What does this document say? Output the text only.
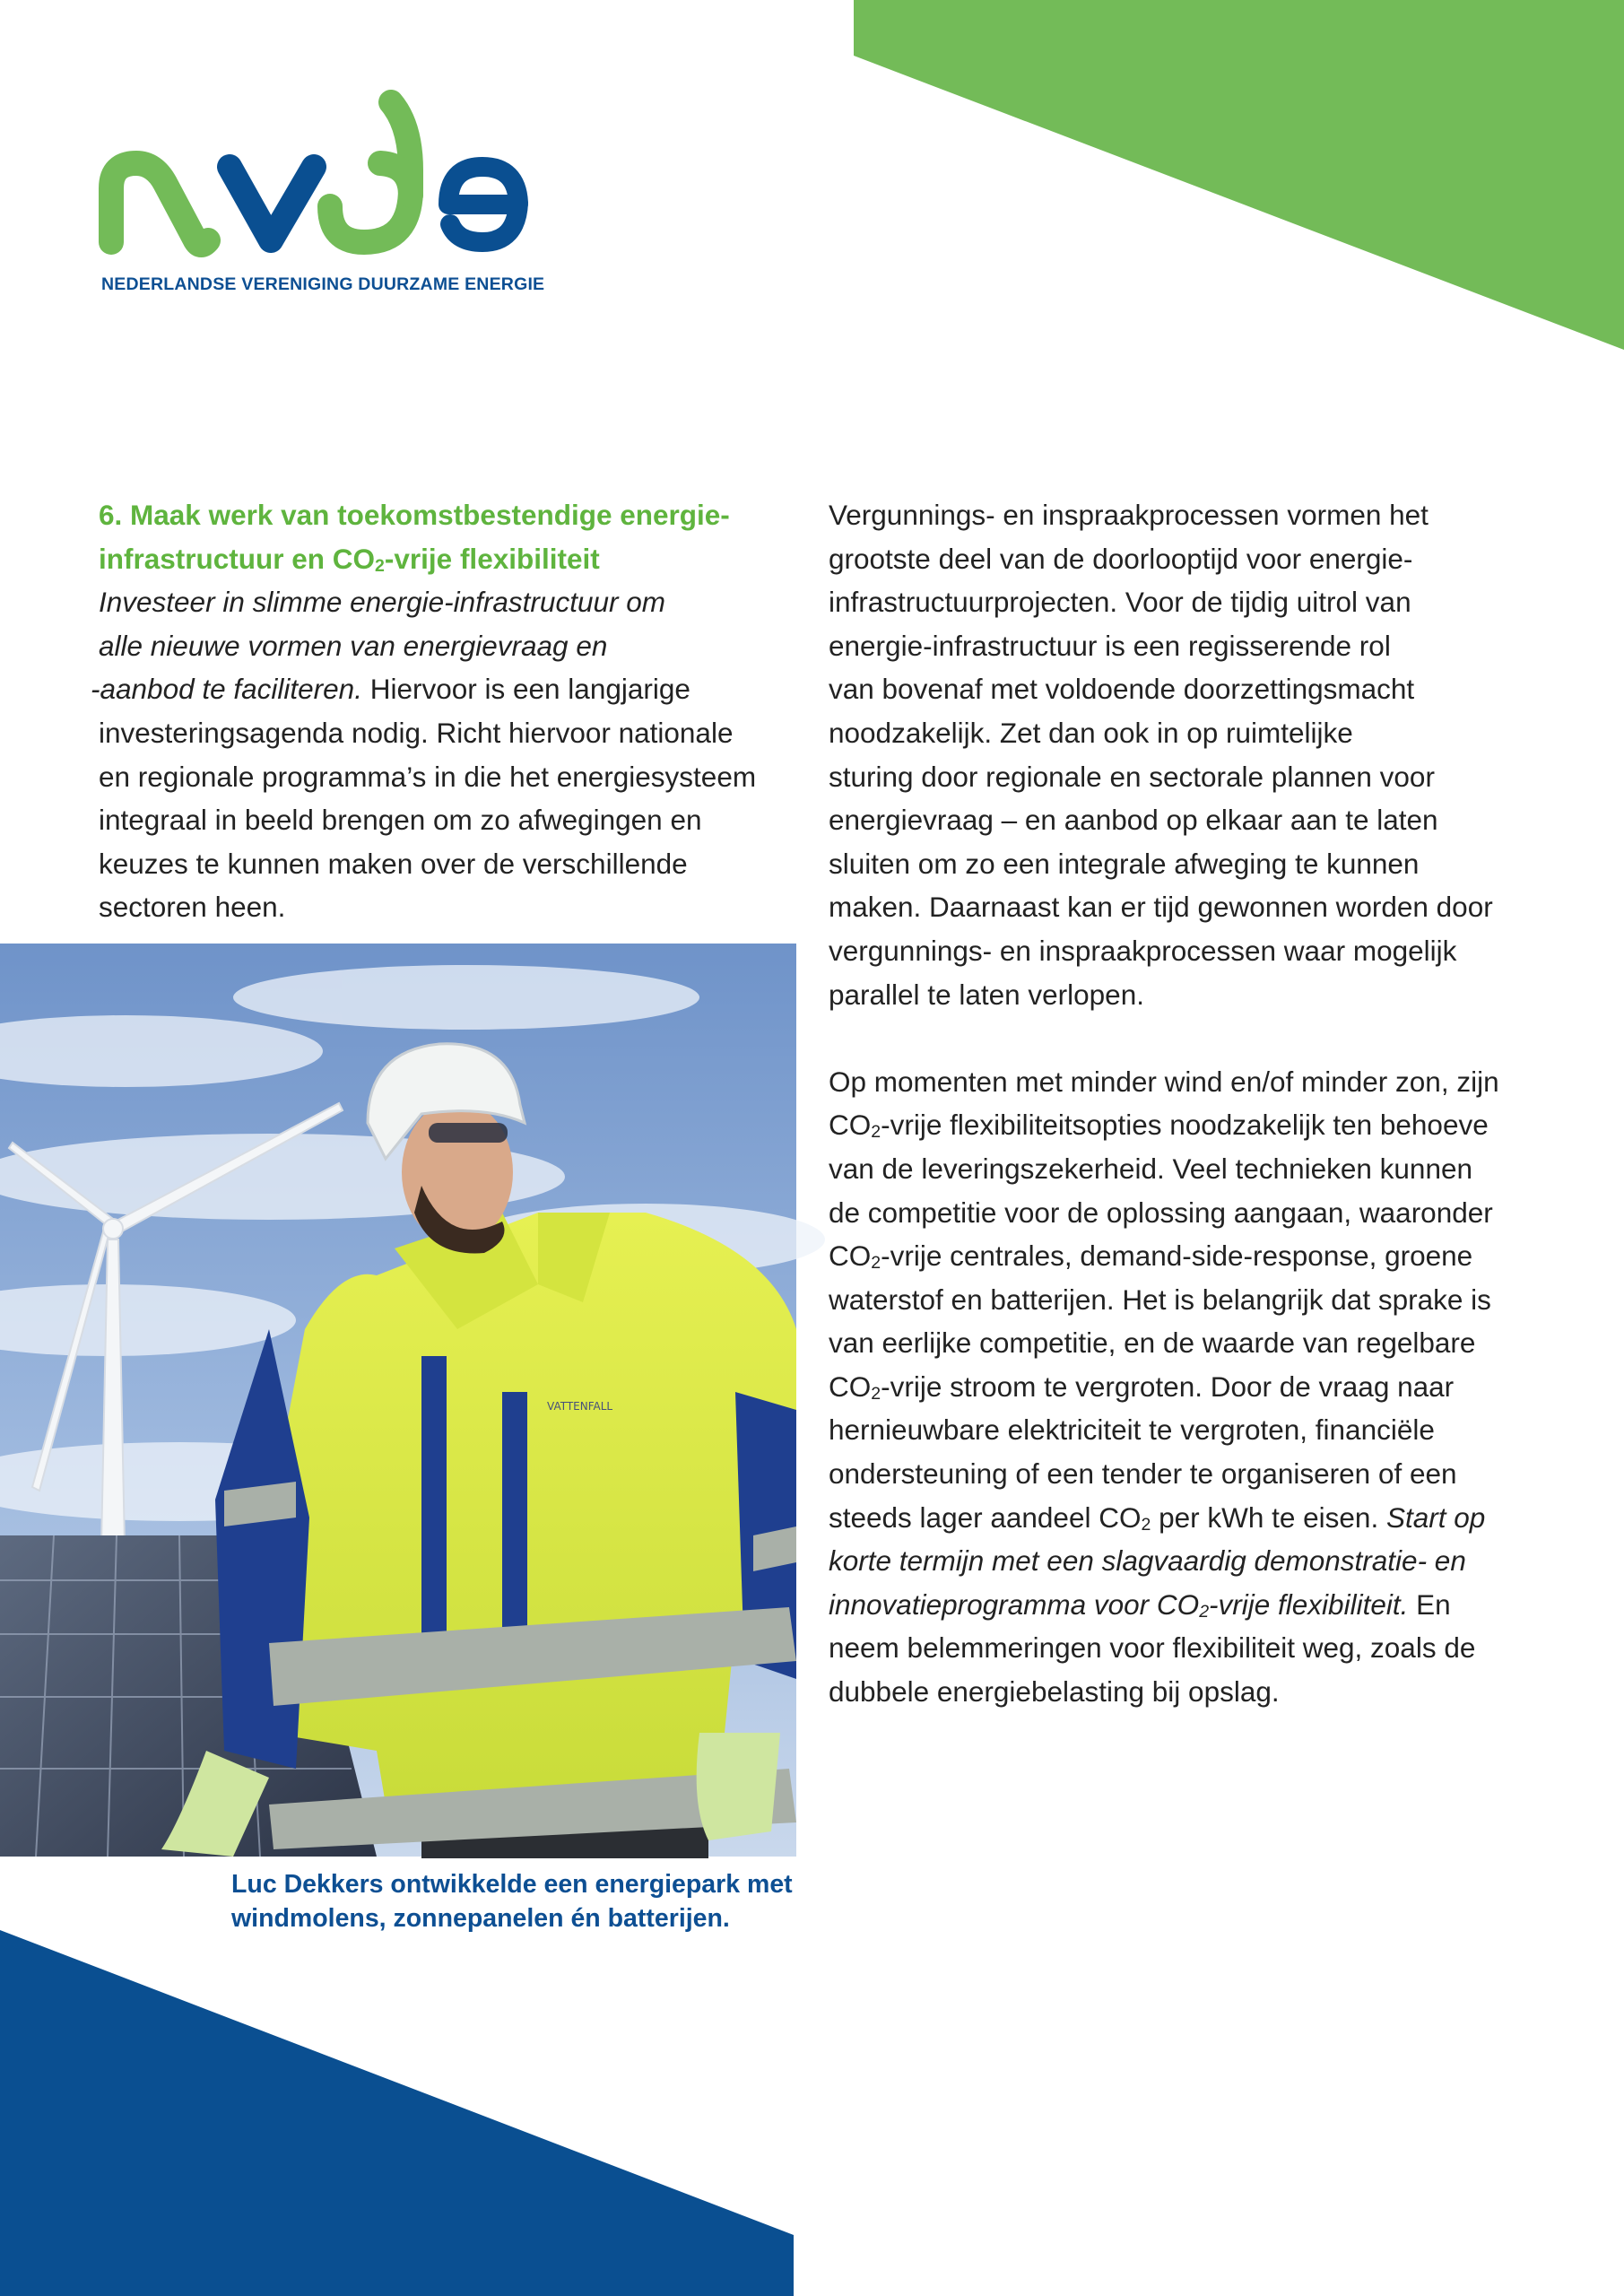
nvde
NEDERLANDSE VERENIGING DUURZAME ENERGIE
6. Maak werk van toekomstbestendige energie-
infrastructuur en $CO_2$-vrije flexibiliteit
Investeer in slimme energie-infrastructuur om
alle nieuwe vormen van energievraag en
-aanbod te faciliteren. Hiervoor is een langjarige
investeringsagenda nodig. Richt hiervoor nationale
en regionale programma’s in die het energiesysteem
integraal in beeld brengen om zo afwegingen en
keuzes te kunnen maken over de verschillende
sectoren heen.
Vergunnings- en inspraakprocessen vormen het
grootste deel van de doorlooptijd voor energie-
infrastructuurprojecten. Voor de tijdig uitrol van
energie-infrastructuur is een regisserende rol
van bovenaf met voldoende doorzettingsmacht
noodzakelijk. Zet dan ook in op ruimtelijke
sturing door regionale en sectorale plannen voor
energievraag – en aanbod op elkaar aan te laten
sluiten om zo een integrale afweging te kunnen
maken. Daarnaast kan er tijd gewonnen worden door
vergunnings- en inspraakprocessen waar mogelijk
parallel te laten verlopen.
Op momenten met minder wind en/of minder zon, zijn
$CO_2$-vrije flexibiliteitsopties noodzakelijk ten behoeve
van de leveringszekerheid. Veel technieken kunnen
de competitie voor de oplossing aangaan, waaronder
$CO_2$-vrije centrales, demand-side-response, groene
waterstof en batterijen. Het is belangrijk dat sprake is
van eerlijke competitie, en de waarde van regelbare
$CO_2$-vrije stroom te vergroten. Door de vraag naar
hernieuwbare elektriciteit te vergroten, financiële
ondersteuning of een tender te organiseren of een
steeds lager aandeel $CO_2$ per kWh te eisen. Start op
korte termijn met een slagvaardig demonstratie- en
innovatieprogramma voor $CO_2$-vrije flexibiliteit. En
neem belemmeringen voor flexibiliteit weg, zoals de
dubbele energiebelasting bij opslag.
VATTENFALL
Luc Dekkers ontwikkelde een energiepark met
windmolens, zonnepanelen én batterijen.
